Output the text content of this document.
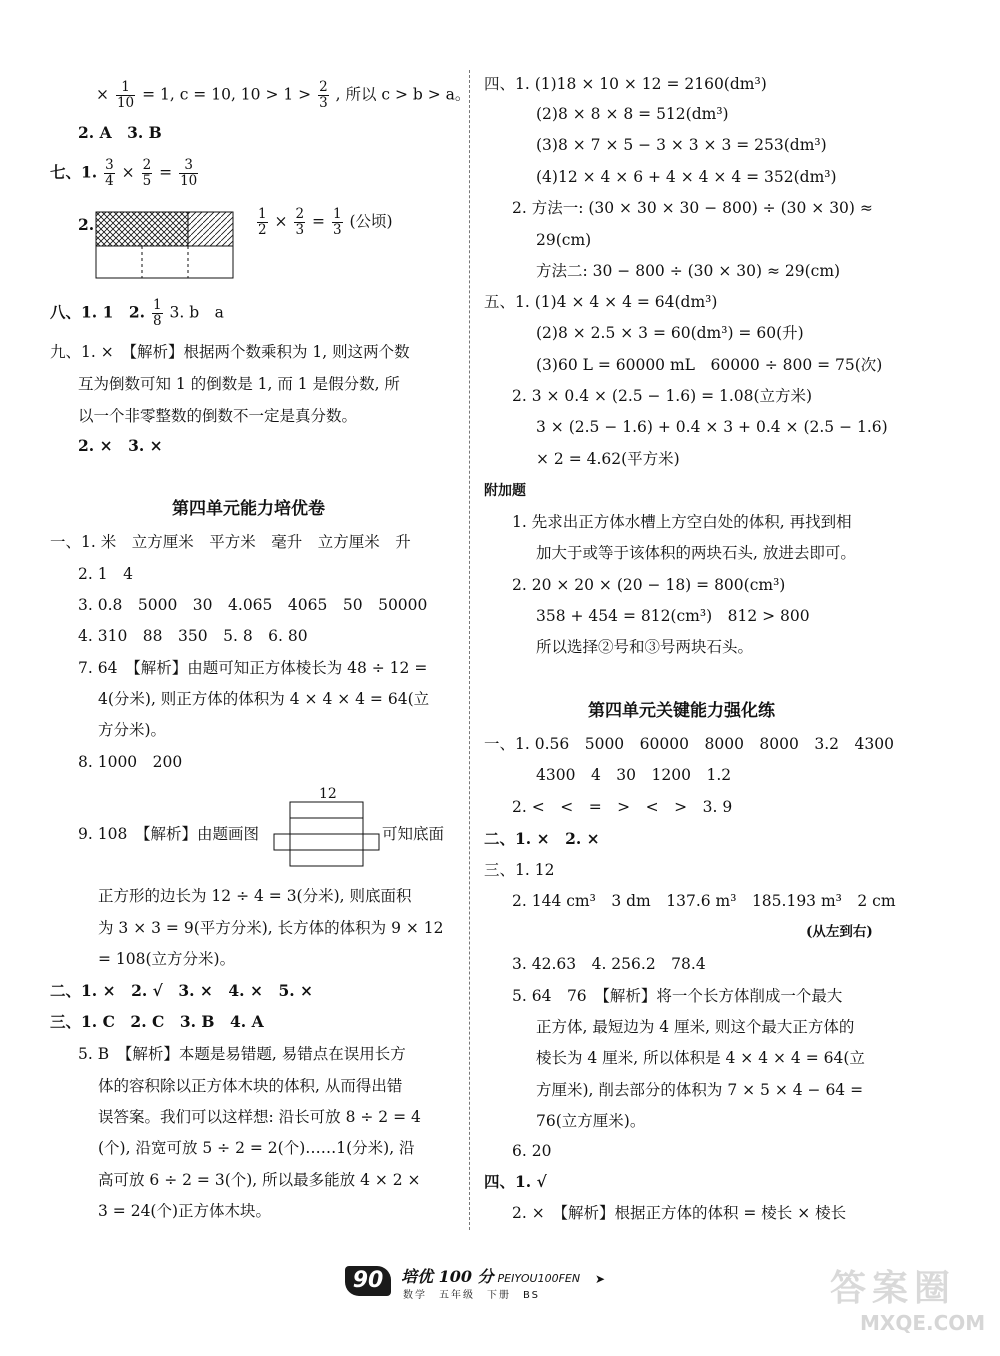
× $\frac{1}{10} = 1$, c = 10, $10 > 1 > \frac{2}{3}$ , 所以 c > b > a。
2. A　3. B
七、1. $\frac{3}{4} \times \frac{2}{5} = \frac{3}{10}$
2.	$\frac{1}{2} \times \frac{2}{3} = \frac{1}{3}$ (公顷)
八、1. 1　2. $\frac{1}{8} 3$. b　a
九、1. ×　【解析】根据两个数乘积为 1, 则这两个数
互为倒数可知 1 的倒数是 1, 而 1 是假分数, 所
以一个非零整数的倒数不一定是真分数。
2. ×　3. ×
第四单元能力培优卷
一、1. 米　立方厘米　平方米　毫升　立方厘米　升
2. 1　4
3. 0.8　5000　30　4.065　4065　50　50000
4. 310　88　350　5. 8　6. 80
7. 64　【解析】由题可知正方体棱长为 48 ÷ 12 =
4(分米), 则正方体的体积为 4 × 4 × 4 = 64(立
方分米)。
8. 1000　200
12
9. 108　【解析】由题画图	可知底面
正方形的边长为 12 ÷ 4 = 3(分米), 则底面积
为 3 × 3 = 9(平方分米), 长方体的体积为 9 × 12
= 108(立方分米)。
二、1. ×　2. √　3. ×　4. ×　5. ×
三、1. C　2. C　3. B　4. A
5. B　【解析】本题是易错题, 易错点在误用长方
体的容积除以正方体木块的体积, 从而得出错
误答案。我们可以这样想: 沿长可放 8 ÷ 2 = 4
(个), 沿宽可放 5 ÷ 2 = 2(个)……1(分米), 沿
高可放 6 ÷ 2 = 3(个), 所以最多能放 4 × 2 ×
3 = 24(个)正方体木块。
四、1. (1)18 × 10 × 12 = 2160(dm³)
(2)8 × 8 × 8 = 512(dm³)
(3)8 × 7 × 5 − 3 × 3 × 3 = 253(dm³)
(4)12 × 4 × 6 + 4 × 4 × 4 = 352(dm³)
2. 方法一: (30 × 30 × 30 − 800) ÷ (30 × 30) ≈
29(cm)
方法二: 30 − 800 ÷ (30 × 30) ≈ 29(cm)
五、1. (1)4 × 4 × 4 = 64(dm³)
(2)8 × 2.5 × 3 = 60(dm³) = 60(升)
(3)60 L = 60000 mL　60000 ÷ 800 = 75(次)
2. 3 × 0.4 × (2.5 − 1.6) = 1.08(立方米)
3 × (2.5 − 1.6) + 0.4 × 3 + 0.4 × (2.5 − 1.6)
× 2 = 4.62(平方米)
附加题
1. 先求出正方体水槽上方空白处的体积, 再找到相
加大于或等于该体积的两块石头, 放进去即可。
2. 20 × 20 × (20 − 18) = 800(cm³)
358 + 454 = 812(cm³)　812 > 800
所以选择②号和③号两块石头。
第四单元关键能力强化练
一、1. 0.56　5000　60000　8000　8000　3.2　4300
4300　4　30　1200　1.2
2. <　<　=　>　<　>　3. 9
二、1. ×　2. ×
三、1. 12
2. 144 cm³　3 dm　137.6 m³　185.193 m³　2 cm
(从左到右)
3. 42.63　4. 256.2　78.4
5. 64　76　【解析】将一个长方体削成一个最大
正方体, 最短边为 4 厘米, 则这个最大正方体的
棱长为 4 厘米, 所以体积是 4 × 4 × 4 = 64(立
方厘米), 削去部分的体积为 7 × 5 × 4 − 64 =
76(立方厘米)。
6. 20
四、1. √
2. ×　【解析】根据正方体的体积 = 棱长 × 棱长
90	培优 100 分 PEIYOU100FEN
数学　五年级　下册　BS
➤	答案圈
MXQE.COM
